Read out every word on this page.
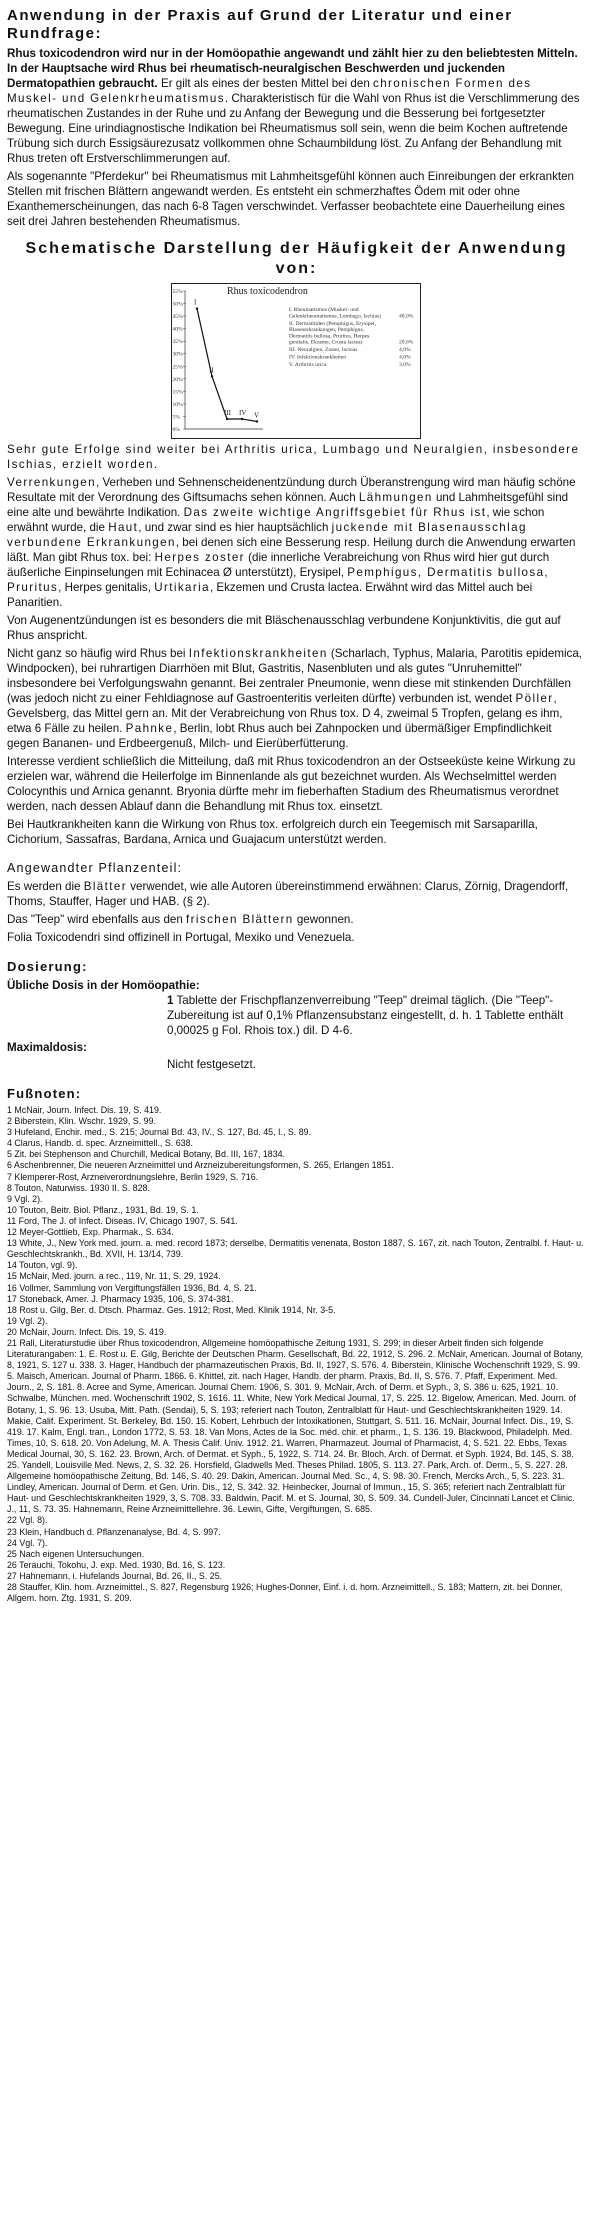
Anwendung in der Praxis auf Grund der Literatur und einer Rundfrage:

Rhus toxicodendron wird nur in der Homöopathie angewandt und zählt hier zu den beliebtesten Mitteln. In der Hauptsache wird Rhus bei rheumatisch-neuralgischen Beschwerden und juckenden Dermatopathien gebraucht. Er gilt als eines der besten Mittel bei den chronischen Formen des Muskel- und Gelenkrheumatismus. Charakteristisch für die Wahl von Rhus ist die Verschlimmerung des rheumatischen Zustandes in der Ruhe und zu Anfang der Bewegung und die Besserung bei fortgesetzter Bewegung. Eine urindiagnostische Indikation bei Rheumatismus soll sein, wenn die beim Kochen auftretende Trübung sich durch Essigsäurezusatz vollkommen ohne Schaumbildung löst. Zu Anfang der Behandlung mit Rhus treten oft Erstverschlimmerungen auf.

Als sogenannte "Pferdekur" bei Rheumatismus mit Lahmheitsgefühl können auch Einreibungen der erkrankten Stellen mit frischen Blättern angewandt werden. Es entsteht ein schmerzhaftes Ödem mit oder ohne Exanthemerscheinungen, das nach 6-8 Tagen verschwindet. Verfasser beobachtete eine Dauerheilung eines seit drei Jahren bestehenden Rheumatismus.

Schematische Darstellung der Häufigkeit der Anwendung von:
55%
50%
45%
40%
35%
30%
25%
20%
15%
10%
5%
0%
Rhus toxicodendron
I
II
III IV V
I. Rheumatismus (Muskel- und
Gelenkrheumatismus, Lumbago, Ischias)	48,0%
II. Dermatitiden (Pemphigus, Erysipel,
Blasenerkrankungen, Pemphigus,
Dermatitis bullosa, Pruritus, Herpes
genitalis, Ekzeme, Crusta lactea)	20,6%
III. Neuralgien, Zoster, Ischias	4,0%
IV. Infektionskrankheiten	4,0%
V. Arthritis urica	3,0%

Sehr gute Erfolge sind weiter bei Arthritis urica, Lumbago und Neuralgien, insbesondere Ischias, erzielt worden.

Verrenkungen, Verheben und Sehnenscheidenentzündung durch Überanstrengung wird man häufig schöne Resultate mit der Verordnung des Giftsumachs sehen können. Auch Lähmungen und Lahmheitsgefühl sind eine alte und bewährte Indikation. Das zweite wichtige Angriffsgebiet für Rhus ist, wie schon erwähnt wurde, die Haut, und zwar sind es hier hauptsächlich juckende mit Blasenausschlag verbundene Erkrankungen, bei denen sich eine Besserung resp. Heilung durch die Anwendung erwarten läßt. Man gibt Rhus tox. bei: Herpes zoster (die innerliche Verabreichung von Rhus wird hier gut durch äußerliche Einpinselungen mit Echinacea Ø unterstützt), Erysipel, Pemphigus, Dermatitis bullosa, Pruritus, Herpes genitalis, Urtikaria, Ekzemen und Crusta lactea. Erwähnt wird das Mittel auch bei Panaritien.

Von Augenentzündungen ist es besonders die mit Bläschenausschlag verbundene Konjunktivitis, die gut auf Rhus anspricht.

Nicht ganz so häufig wird Rhus bei Infektionskrankheiten (Scharlach, Typhus, Malaria, Parotitis epidemica, Windpocken), bei ruhrartigen Diarrhöen mit Blut, Gastritis, Nasenbluten und als gutes "Unruhemittel" insbesondere bei Verfolgungswahn genannt. Bei zentraler Pneumonie, wenn diese mit stinkenden Durchfällen (was jedoch nicht zu einer Fehldiagnose auf Gastroenteritis verleiten dürfte) verbunden ist, wendet Pöller, Gevelsberg, das Mittel gern an. Mit der Verabreichung von Rhus tox. D 4, zweimal 5 Tropfen, gelang es ihm, etwa 6 Fälle zu heilen. Pahnke, Berlin, lobt Rhus auch bei Zahnpocken und übermäßiger Empfindlichkeit gegen Bananen- und Erdbeergenuß, Milch- und Eierüberfütterung.

Interesse verdient schließlich die Mitteilung, daß mit Rhus toxicodendron an der Ostseeküste keine Wirkung zu erzielen war, während die Heilerfolge im Binnenlande als gut bezeichnet wurden. Als Wechselmittel werden Colocynthis und Arnica genannt. Bryonia dürfte mehr im fieberhaften Stadium des Rheumatismus verordnet werden, nach dessen Ablauf dann die Behandlung mit Rhus tox. einsetzt.

Bei Hautkrankheiten kann die Wirkung von Rhus tox. erfolgreich durch ein Teegemisch mit Sarsaparilla, Cichorium, Sassafras, Bardana, Arnica und Guajacum unterstützt werden.

Angewandter Pflanzenteil:

Es werden die Blätter verwendet, wie alle Autoren übereinstimmend erwähnen: Clarus, Zörnig, Dragendorff, Thoms, Stauffer, Hager und HAB. (§ 2).

Das "Teep" wird ebenfalls aus den frischen Blättern gewonnen.

Folia Toxicodendri sind offizinell in Portugal, Mexiko und Venezuela.

Dosierung:

Übliche Dosis in der Homöopathie:

1 Tablette der Frischpflanzenverreibung "Teep" dreimal täglich. (Die "Teep"-Zubereitung ist auf 0,1% Pflanzensubstanz eingestellt, d. h. 1 Tablette enthält 0,00025 g Fol. Rhois tox.) dil. D 4-6.

Maximaldosis:

Nicht festgesetzt.

Fußnoten:

1 McNair, Journ. Infect. Dis. 19, S. 419.

2 Biberstein, Klin. Wschr. 1929, S. 99.

3 Hufeland, Enchir. med., S. 215; Journal Bd. 43, IV., S. 127, Bd. 45, I., S. 89.

4 Clarus, Handb. d. spec. Arzneimittell., S. 638.

5 Zit. bei Stephenson and Churchill, Medical Botany, Bd. III, 167, 1834.

6 Aschenbrenner, Die neueren Arzneimittel und Arzneizubereitungsformen, S. 265, Erlangen 1851.

7 Klemperer-Rost, Arzneiverordnungslehre, Berlin 1929, S. 716.

8 Touton, Naturwiss. 1930 II. S. 828.

9 Vgl. 2).

10 Touton, Beitr. Biol. Pflanz., 1931, Bd. 19, S. 1.

11 Ford, The J. of Infect. Diseas. IV, Chicago 1907, S. 541.

12 Meyer-Gottlieb, Exp. Pharmak., S. 634.

13 White, J., New York med. journ. a. med. record 1873; derselbe, Dermatitis venenata, Boston 1887, S. 167, zit. nach Touton, Zentralbl. f. Haut- u. Geschlechtskrankh., Bd. XVII, H. 13/14, 739.

14 Touton, vgl. 9).

15 McNair, Med. journ. a rec., 119, Nr. 11, S. 29, 1924.

16 Vollmer, Sammlung von Vergiftungsfällen 1936, Bd. 4, S. 21.

17 Stoneback, Amer. J. Pharmacy 1935, 106, S. 374-381.

18 Rost u. Gilg, Ber. d. Dtsch. Pharmaz. Ges. 1912; Rost, Med. Klinik 1914, Nr. 3-5.

19 Vgl. 2).

20 McNair, Journ. Infect. Dis. 19, S. 419.

21 Rall, Literaturstudie über Rhus toxicodendron, Allgemeine homöopathische Zeitung 1931, S. 299; in dieser Arbeit finden sich folgende Literaturangaben: 1. E. Rost u. E. Gilg, Berichte der Deutschen Pharm. Gesellschaft, Bd. 22, 1912, S. 296. 2. McNair, American. Journal of Botany, 8, 1921, S. 127 u. 338. 3. Hager, Handbuch der pharmazeutischen Praxis, Bd. II, 1927, S. 576. 4. Biberstein, Klinische Wochenschrift 1929, S. 99. 5. Maisch, American. Journal of Pharm. 1866. 6. Khittel, zit. nach Hager, Handb. der pharm. Praxis, Bd. II, S. 576. 7. Pfaff, Experiment. Med. Journ., 2, S. 181. 8. Acree and Syme, American. Journal Chem. 1906, S. 301. 9. McNair, Arch. of Derm. et Syph., 3, S. 386 u. 625, 1921. 10. Schwalbe, München. med. Wochenschrift 1902, S. 1616. 11. White, New York Medical Journal, 17, S. 225. 12. Bigelow, American. Med. Journ. of Botany, 1, S. 96. 13. Usuba, Mitt. Path. (Sendai), 5, S. 193; referiert nach Touton, Zentralblatt für Haut- und Geschlechtskrankheiten 1929. 14. Makie, Calif. Experiment. St. Berkeley, Bd. 150. 15. Kobert, Lehrbuch der Intoxikationen, Stuttgart, S. 511. 16. McNair, Journal Infect. Dis., 19, S. 419. 17. Kalm, Engl. tran., London 1772, S. 53. 18. Van Mons, Actes de la Soc. méd. chir. et pharm., 1, S. 136. 19. Blackwood, Philadelph. Med. Times, 10, S. 618. 20. Von Adelung, M. A. Thesis Calif. Univ. 1912. 21. Warren, Pharmazeut. Journal of Pharmacist, 4, S. 521. 22. Ebbs, Texas Medical Journal, 30, S. 162. 23. Brown, Arch. of Dermat. et Syph., 5, 1922, S. 714. 24. Br. Bloch, Arch. of Dermat. et Syph. 1924, Bd. 145, S. 38. 25. Yandell, Louisville Med. News, 2, S. 32. 26. Horsfield, Gladwells Med. Theses Philad. 1805, S. 113. 27. Park, Arch. of. Derm., 5, S. 227. 28. Allgemeine homöopathische Zeitung, Bd. 146, S. 40. 29. Dakin, American. Journal Med. Sc., 4, S. 98. 30. French, Mercks Arch., 5, S. 223. 31. Lindley, American. Journal of Derm. et Gen. Urin. Dis., 12, S. 342. 32. Heinbecker, Journal of Immun., 15, S. 365; referiert nach Zentralblatt für Haut- und Geschlechtskrankheiten 1929, 3, S. 708. 33. Baldwin, Pacif. M. et S. Journal, 30, S. 509. 34. Cundell-Juler, Cincinnati Lancet et Clinic. J., 11, S. 73. 35. Hahnemann, Reine Arzneimittellehre. 36. Lewin, Gifte, Vergiftungen, S. 685.

22 Vgl. 8).

23 Klein, Handbuch d. Pflanzenanalyse, Bd. 4, S. 997.

24 Vgl. 7).

25 Nach eigenen Untersuchungen.

26 Terauchi, Tokohu, J. exp. Med. 1930, Bd. 16, S. 123.

27 Hahnemann, i. Hufelands Journal, Bd. 26, II., S. 25.

28 Stauffer, Klin. hom. Arzneimittel., S. 827, Regensburg 1926; Hughes-Donner, Einf. i. d. hom. Arzneimittell., S. 183; Mattern, zit. bei Donner, Allgem. hom. Ztg. 1931, S. 209.
